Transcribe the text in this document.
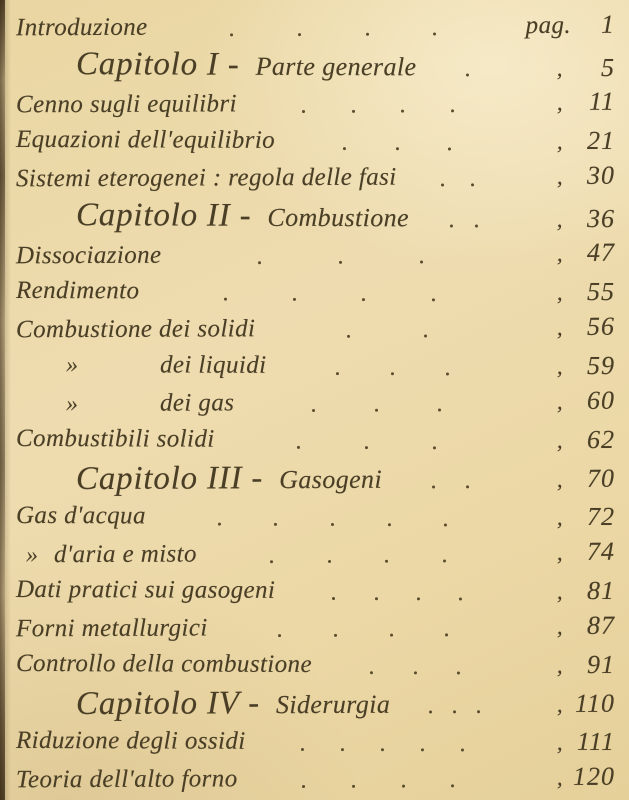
Introduzione	pag.	1
Capitolo I - Parte generale	,	5
Cenno sugli equilibri	, 11
Equazioni dell'equilibrio	, 21
Sistemi eterogenei : regola delle fasi	, 30
Capitolo II - Combustione	, 36
Dissociazione	, 47
Rendimento	, 55
Combustione dei solidi	, 56
»	dei liquidi	, 59
»	dei gas	, 60
Combustibili solidi	, 62
Capitolo III - Gasogeni	, 70
Gas d'acqua	, 72
» d'aria e misto	, 74
Dati pratici sui gasogeni	, 81
Forni metallurgici	, 87
Controllo della combustione	, 91
Capitolo IV - Siderurgia	, 110
Riduzione degli ossidi	, 111
Teoria dell'alto forno	, 120
